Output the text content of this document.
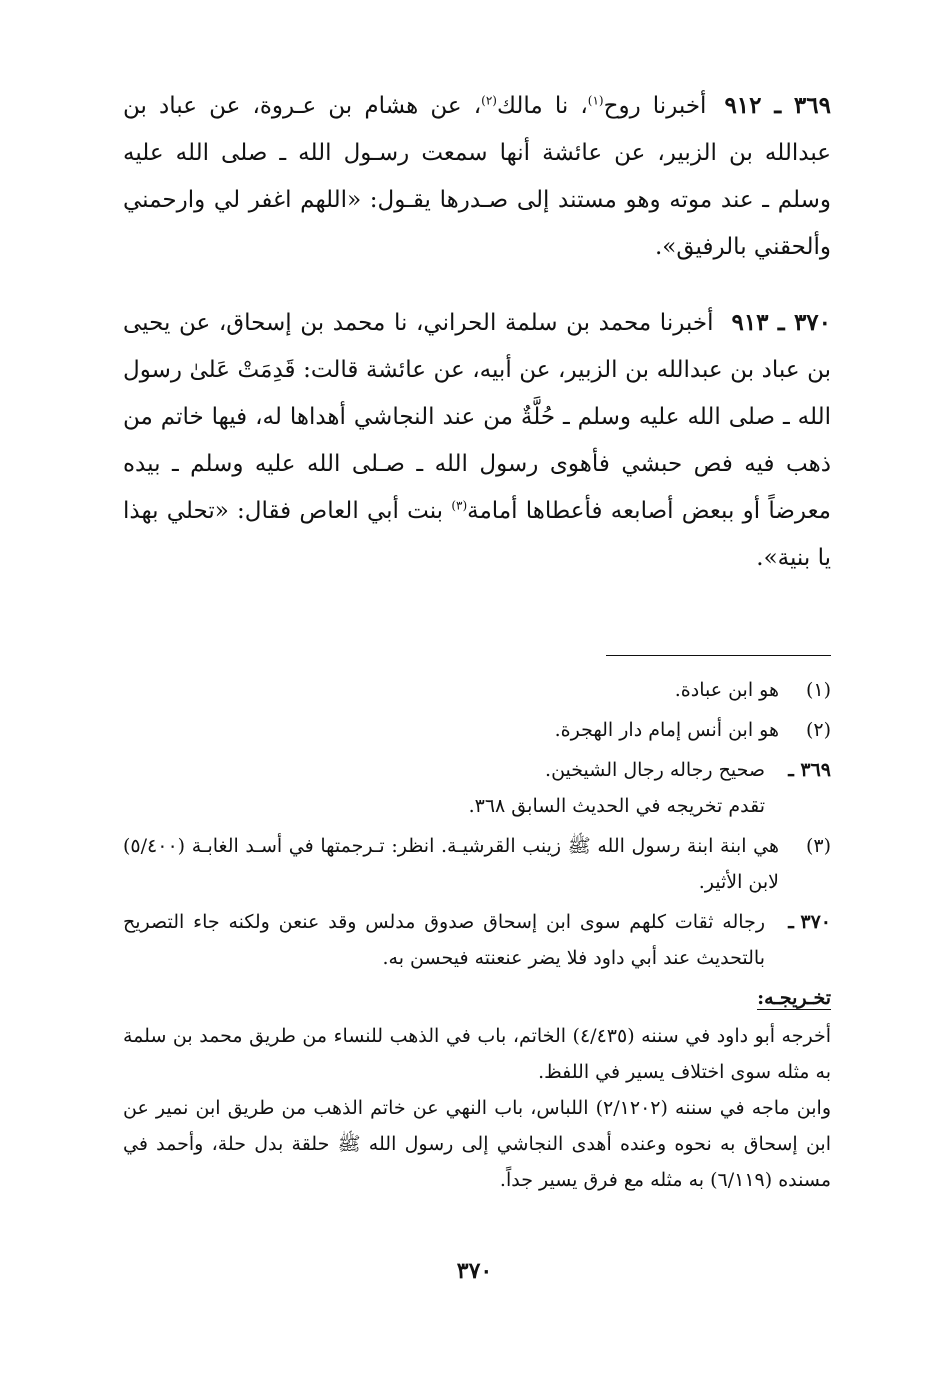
٣٦٩ ـ ٩١٢أخبرنا روح$^{(١)}$، نا مالك$^{(٢)}$، عن هشام بن عـروة، عن عباد بن عبدالله بن الزبير، عن عائشة أنها سمعت رسـول الله ـ صلى الله عليه وسلم ـ عند موته وهو مستند إلى صـدرها يقـول: «اللهم اغفر لي وارحمني وألحقني بالرفيق».

٣٧٠ ـ ٩١٣أخبرنا محمد بن سلمة الحراني، نا محمد بن إسحاق، عن يحيى بن عباد بن عبدالله بن الزبير، عن أبيه، عن عائشة قالت: قَدِمَتْ عَلىٰ رسول الله ـ صلى الله عليه وسلم ـ حُلَّةٌ من عند النجاشي أهداها له، فيها خاتم من ذهب فيه فص حبشي فأهوى رسول الله ـ صـلى الله عليه وسلم ـ بيده معرضاً أو ببعض أصابعه فأعطاها أمامة$^{(٣)}$ بنت أبي العاص فقال: «تحلي بهذا يا بنية».

(١)
هو ابن عبادة.
(٢)
هو ابن أنس إمام دار الهجرة.
٣٦٩ ـ
صحيح رجاله رجال الشيخين.
تقدم تخريجه في الحديث السابق ٣٦٨.
(٣)
هي ابنة ابنة رسول الله ﷺ زينب القرشيـة. انظر: تـرجمتها في أسـد الغابـة (٥/٤٠٠) لابن الأثير.
٣٧٠ ـ
رجاله ثقات كلهم سوى ابن إسحاق صدوق مدلس وقد عنعن ولكنه جاء التصريح بالتحديث عند أبي داود فلا يضر عنعنته فيحسن به.
تخـريجـه:

أخرجه أبو داود في سننه (٤/٤٣٥) الخاتم، باب في الذهب للنساء من طريق محمد بن سلمة به مثله سوى اختلاف يسير في اللفظ.

وابن ماجه في سننه (٢/١٢٠٢) اللباس، باب النهي عن خاتم الذهب من طريق ابن نمير عن ابن إسحاق به نحوه وعنده أهدى النجاشي إلى رسول الله ﷺ حلقة بدل حلة، وأحمد في مسنده (٦/١١٩) به مثله مع فرق يسير جداً.

٣٧٠
